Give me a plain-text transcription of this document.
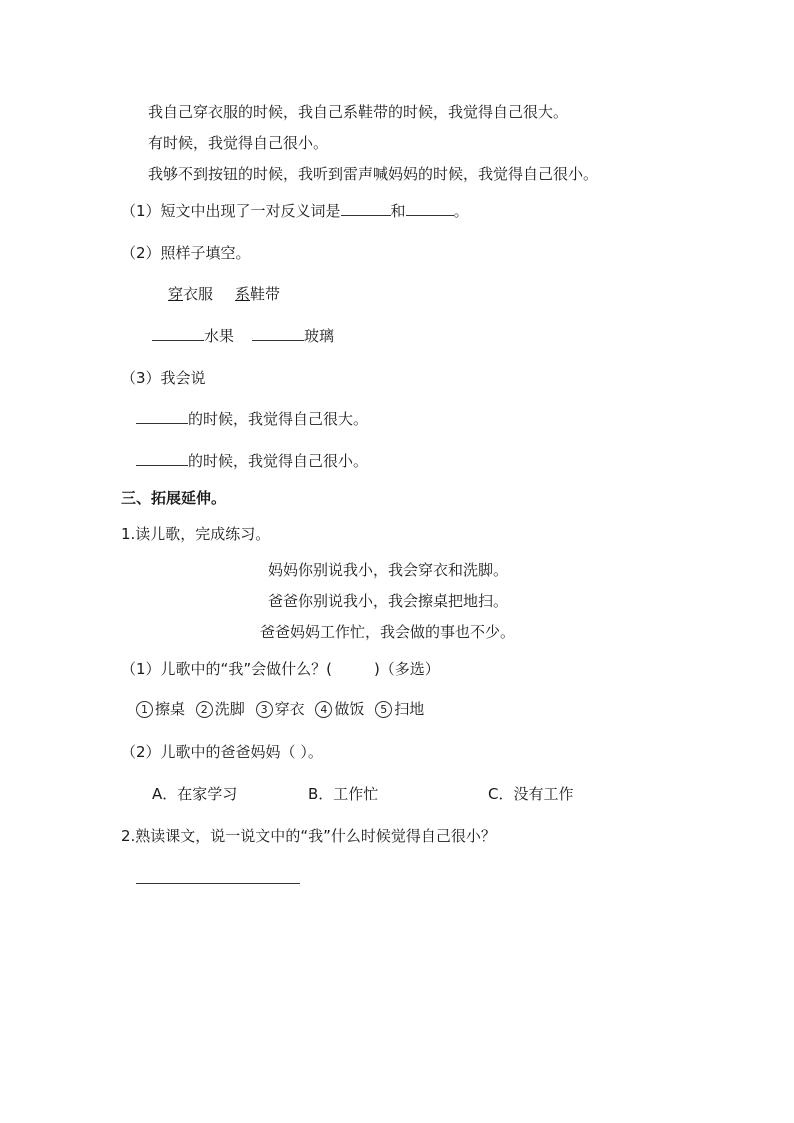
我自己穿衣服的时候，我自己系鞋带的时候，我觉得自己很大。
有时候，我觉得自己很小。
我够不到按钮的时候，我听到雷声喊妈妈的时候，我觉得自己很小。
（1）短文中出现了一对反义词是	和	。
（2）照样子填空。
穿衣服 系鞋带
水果	玻璃
（3）我会说
的时候，我觉得自己很大。
的时候，我觉得自己很小。
三、拓展延伸。
1.读儿歌，完成练习。
妈妈你别说我小，我会穿衣和洗脚。
爸爸你别说我小，我会擦桌把地扫。
爸爸妈妈工作忙，我会做的事也不少。
（1）儿歌中的“我”会做什么？(	)（多选）
1 擦桌 2 洗脚 3 穿衣 4 做饭 5 扫地
（2）儿歌中的爸爸妈妈（ ）。
A．在家学习	B．工作忙	C．没有工作
2.熟读课文，说一说文中的“我”什么时候觉得自己很小？
